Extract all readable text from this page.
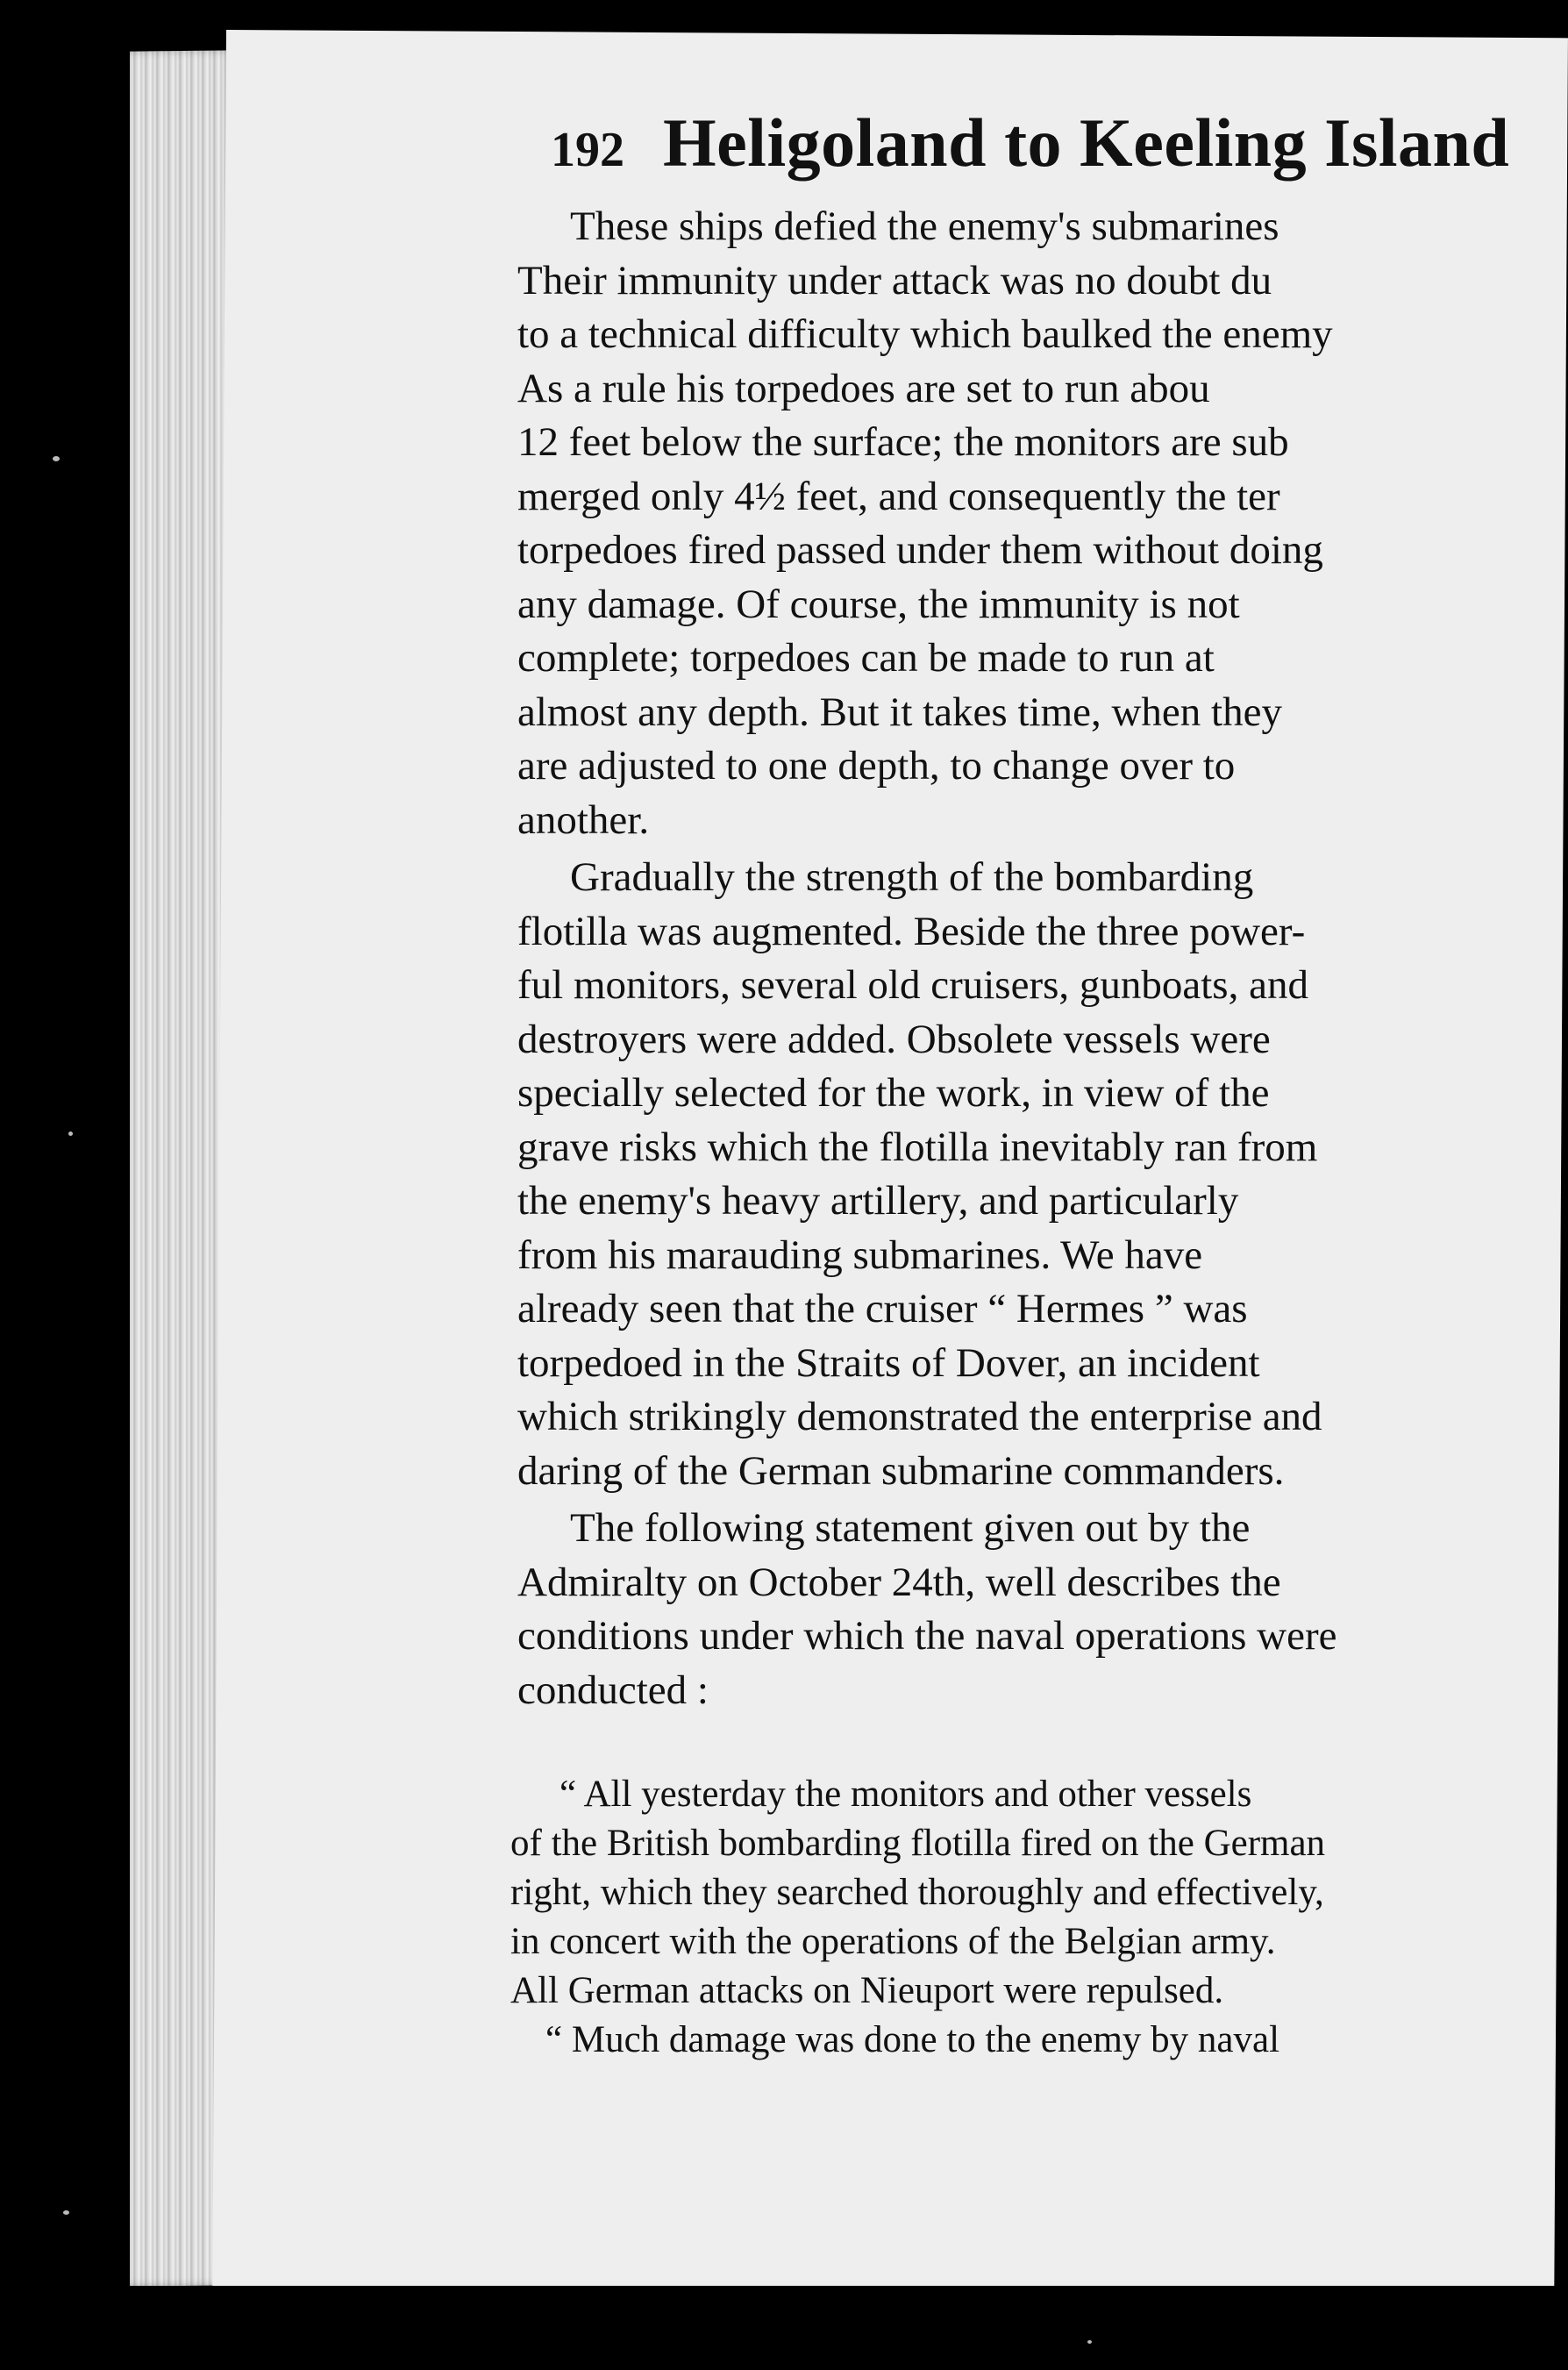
192 Heligoland to Keeling Island

These ships defied the enemy's submarines

Their immunity under attack was no doubt du

to a technical difficulty which baulked the enemy

As a rule his torpedoes are set to run abou

12 feet below the surface; the monitors are sub

merged only 4½ feet, and consequently the ter

torpedoes fired passed under them without doing

any damage. Of course, the immunity is not

complete; torpedoes can be made to run at

almost any depth. But it takes time, when they

are adjusted to one depth, to change over to

another.

Gradually the strength of the bombarding

flotilla was augmented. Beside the three power-

ful monitors, several old cruisers, gunboats, and

destroyers were added. Obsolete vessels were

specially selected for the work, in view of the

grave risks which the flotilla inevitably ran from

the enemy's heavy artillery, and particularly

from his marauding submarines. We have

already seen that the cruiser “ Hermes ” was

torpedoed in the Straits of Dover, an incident

which strikingly demonstrated the enterprise and

daring of the German submarine commanders.

The following statement given out by the

Admiralty on October 24th, well describes the

conditions under which the naval operations were

conducted :

“ All yesterday the monitors and other vessels

of the British bombarding flotilla fired on the German

right, which they searched thoroughly and effectively,

in concert with the operations of the Belgian army.

All German attacks on Nieuport were repulsed.

“ Much damage was done to the enemy by naval
